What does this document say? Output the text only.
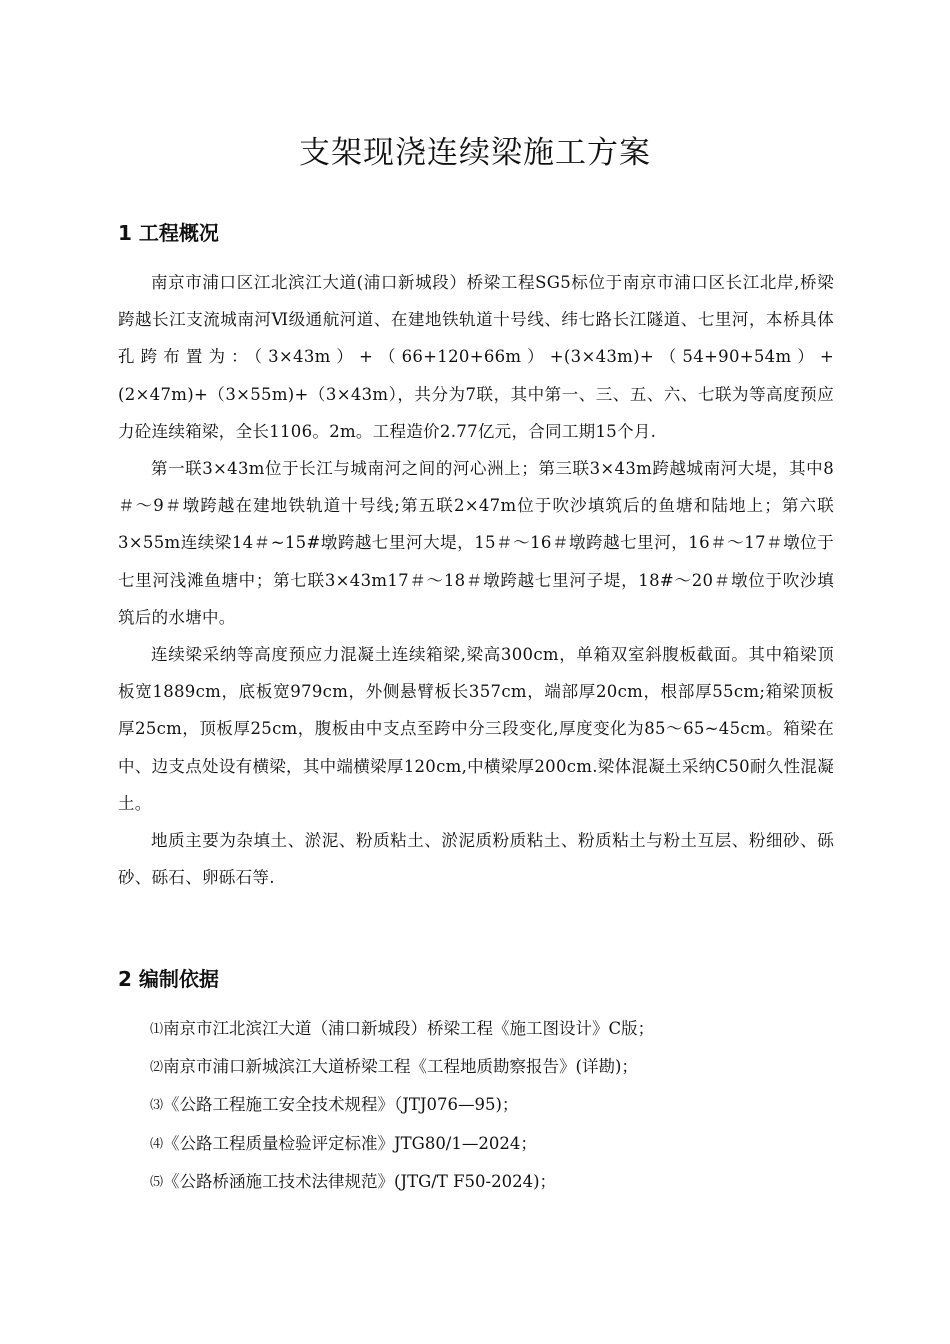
支架现浇连续梁施工方案
1 工程概况

南京市浦口区江北滨江大道(浦口新城段）桥梁工程SG5标位于南京市浦口区长江北岸,桥梁跨越长江支流城南河Ⅵ级通航河道、在建地铁轨道十号线、纬七路长江隧道、七里河，本桥具体孔跨布置为：（3×43m）+（66+120+66m）+(3×43m)+（54+90+54m）+(2×47m)+（3×55m)+（3×43m），共分为7联，其中第一、三、五、六、七联为等高度预应力砼连续箱梁，全长1106。2m。工程造价2.77亿元，合同工期15个月.

第一联3×43m位于长江与城南河之间的河心洲上；第三联3×43m跨越城南河大堤，其中8＃～9＃墩跨越在建地铁轨道十号线;第五联2×47m位于吹沙填筑后的鱼塘和陆地上；第六联3×55m连续梁14＃~15#墩跨越七里河大堤，15＃～16＃墩跨越七里河，16＃～17＃墩位于七里河浅滩鱼塘中；第七联3×43m17＃～18＃墩跨越七里河子堤，18#～20＃墩位于吹沙填筑后的水塘中。

连续梁采纳等高度预应力混凝土连续箱梁,梁高300cm，单箱双室斜腹板截面。其中箱梁顶板宽1889cm，底板宽979cm，外侧悬臂板长357cm，端部厚20cm，根部厚55cm;箱梁顶板厚25cm，顶板厚25cm，腹板由中支点至跨中分三段变化,厚度变化为85～65~45cm。箱梁在中、边支点处设有横梁，其中端横梁厚120cm,中横梁厚200cm.梁体混凝土采纳C50耐久性混凝土。

地质主要为杂填土、淤泥、粉质粘土、淤泥质粉质粘土、粉质粘土与粉土互层、粉细砂、砾砂、砾石、卵砾石等.

2 编制依据
⑴南京市江北滨江大道（浦口新城段）桥梁工程《施工图设计》C版；
⑵南京市浦口新城滨江大道桥梁工程《工程地质勘察报告》(详勘)；
⑶《公路工程施工安全技术规程》（JTJ076—95)；
⑷《公路工程质量检验评定标准》JTG80/1—2024；
⑸《公路桥涵施工技术法律规范》(JTG/T F50-2024)；
